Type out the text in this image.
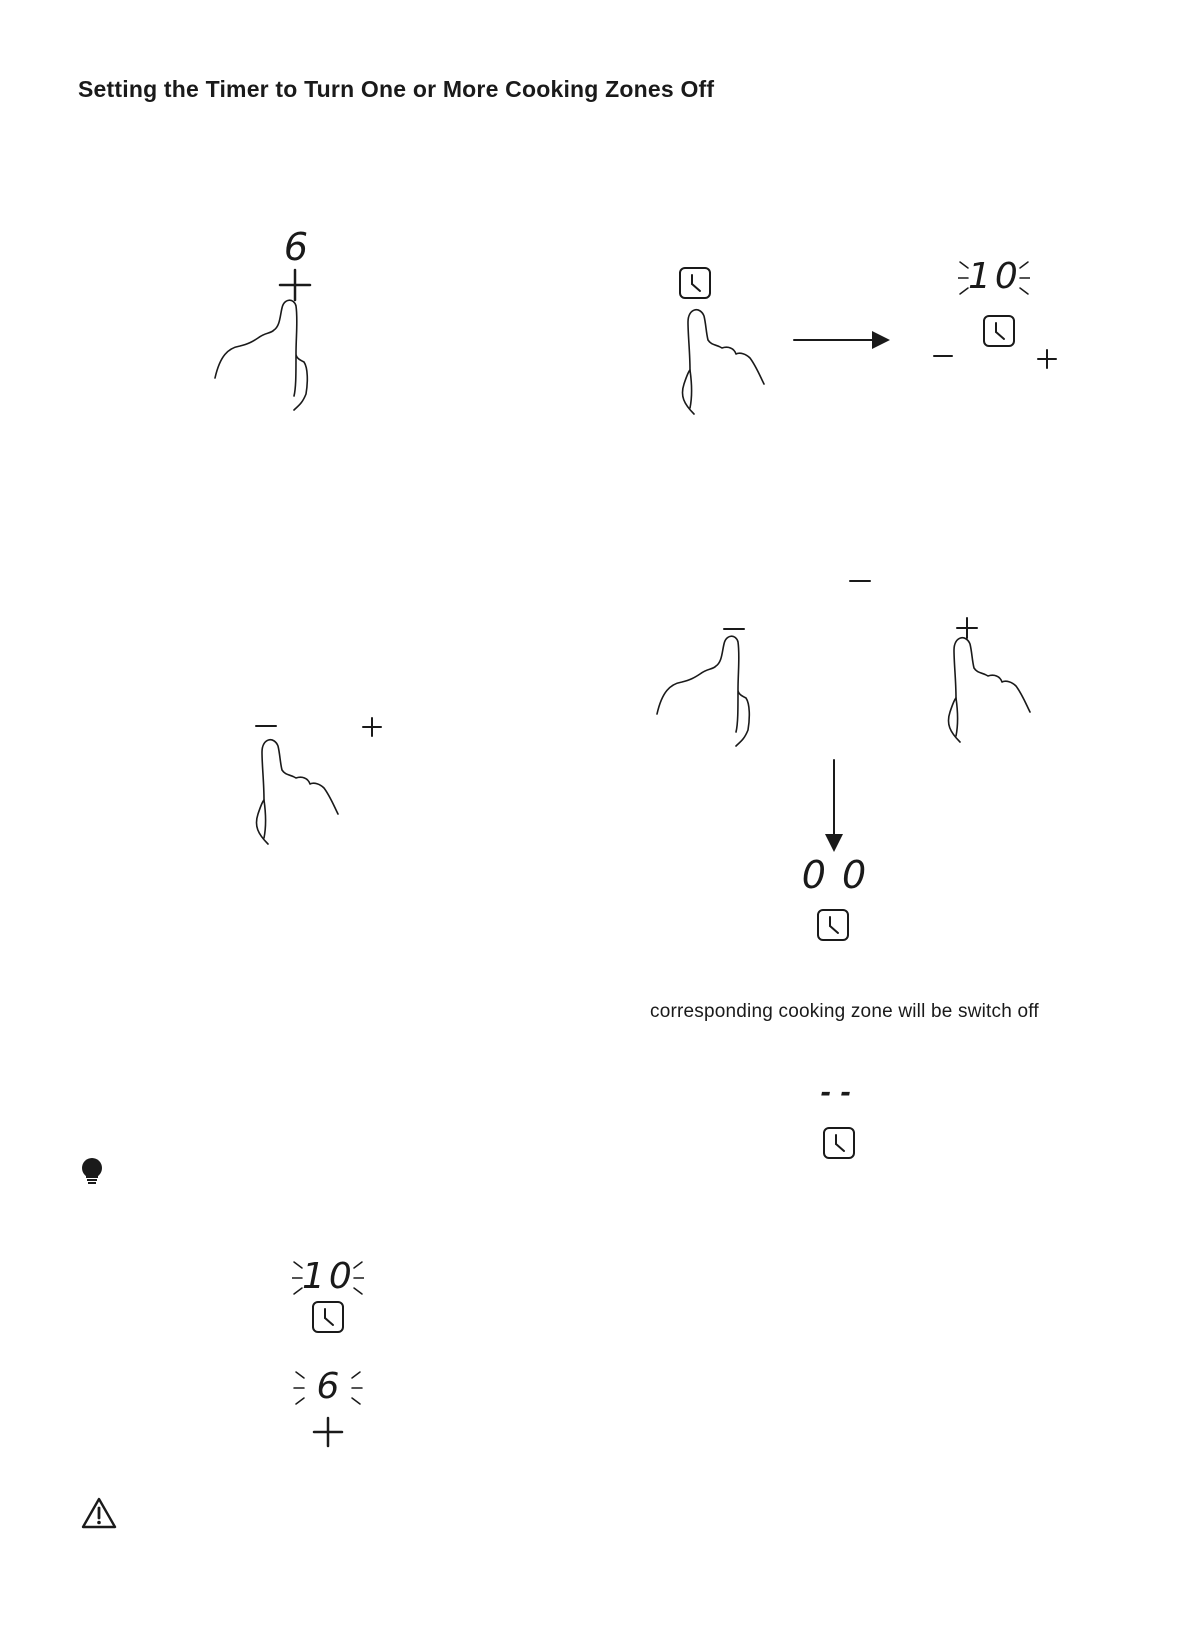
Setting the Timer to Turn One or More Cooking Zones Off
6
10
0 0
corresponding cooking zone will be switch off
- -
10
6
